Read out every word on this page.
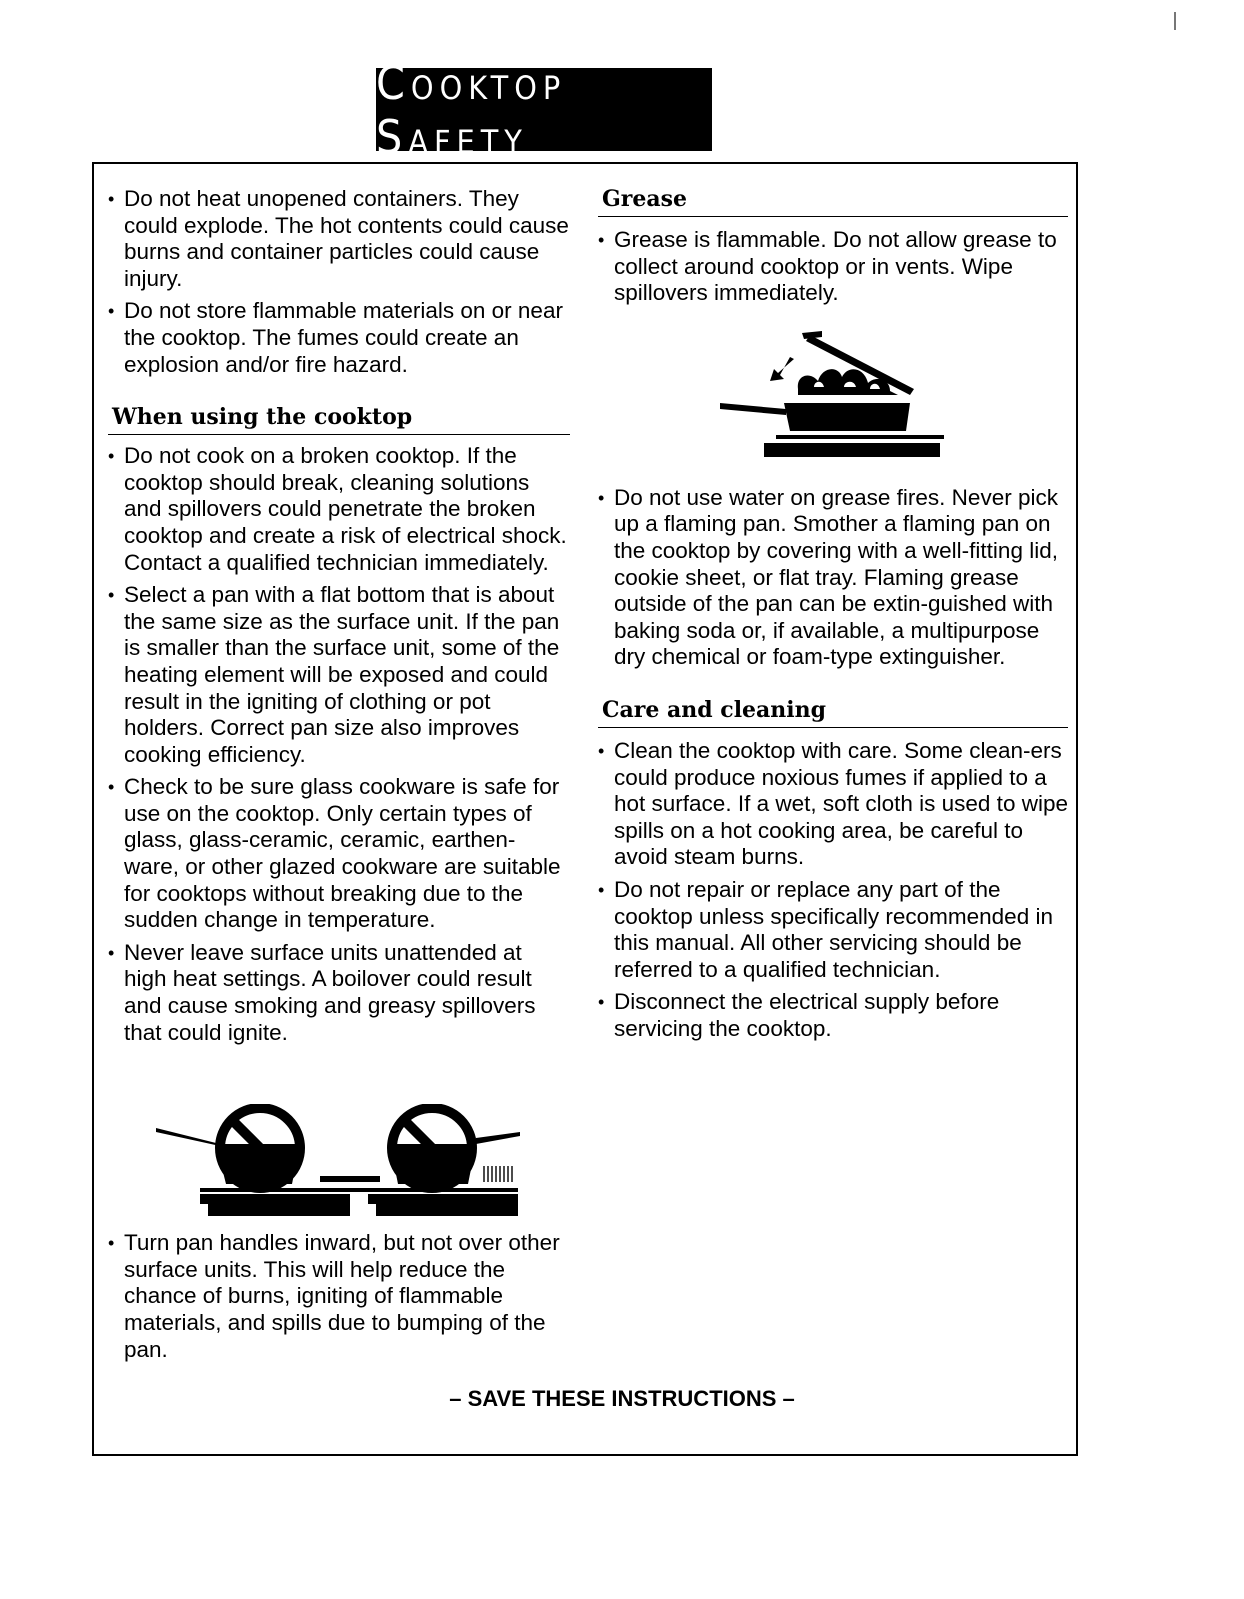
Cooktop Safety
• Do not heat unopened containers. They could explode. The hot contents could cause burns and container particles could cause injury.
• Do not store flammable materials on or near the cooktop. The fumes could create an explosion and/or fire hazard.
When using the cooktop
• Do not cook on a broken cooktop. If the cooktop should break, cleaning solutions and spillovers could penetrate the broken cooktop and create a risk of electrical shock. Contact a qualified technician immediately.
• Select a pan with a flat bottom that is about the same size as the surface unit. If the pan is smaller than the surface unit, some of the heating element will be exposed and could result in the igniting of clothing or pot holders. Correct pan size also improves cooking efficiency.
• Check to be sure glass cookware is safe for use on the cooktop. Only certain types of glass, glass-ceramic, ceramic, earthen-ware, or other glazed cookware are suitable for cooktops without breaking due to the sudden change in temperature.
• Never leave surface units unattended at high heat settings. A boilover could result and cause smoking and greasy spillovers that could ignite.
• Turn pan handles inward, but not over other surface units. This will help reduce the chance of burns, igniting of flammable materials, and spills due to bumping of the pan.
Grease
• Grease is flammable. Do not allow grease to collect around cooktop or in vents. Wipe spillovers immediately.
• Do not use water on grease fires. Never pick up a flaming pan. Smother a flaming pan on the cooktop by covering with a well-fitting lid, cookie sheet, or flat tray. Flaming grease outside of the pan can be extin-guished with baking soda or, if available, a multipurpose dry chemical or foam-type extinguisher.
Care and cleaning
• Clean the cooktop with care. Some clean-ers could produce noxious fumes if applied to a hot surface. If a wet, soft cloth is used to wipe spills on a hot cooking area, be careful to avoid steam burns.
• Do not repair or replace any part of the cooktop unless specifically recommended in this manual. All other servicing should be referred to a qualified technician.
• Disconnect the electrical supply before servicing the cooktop.
– SAVE THESE INSTRUCTIONS –
